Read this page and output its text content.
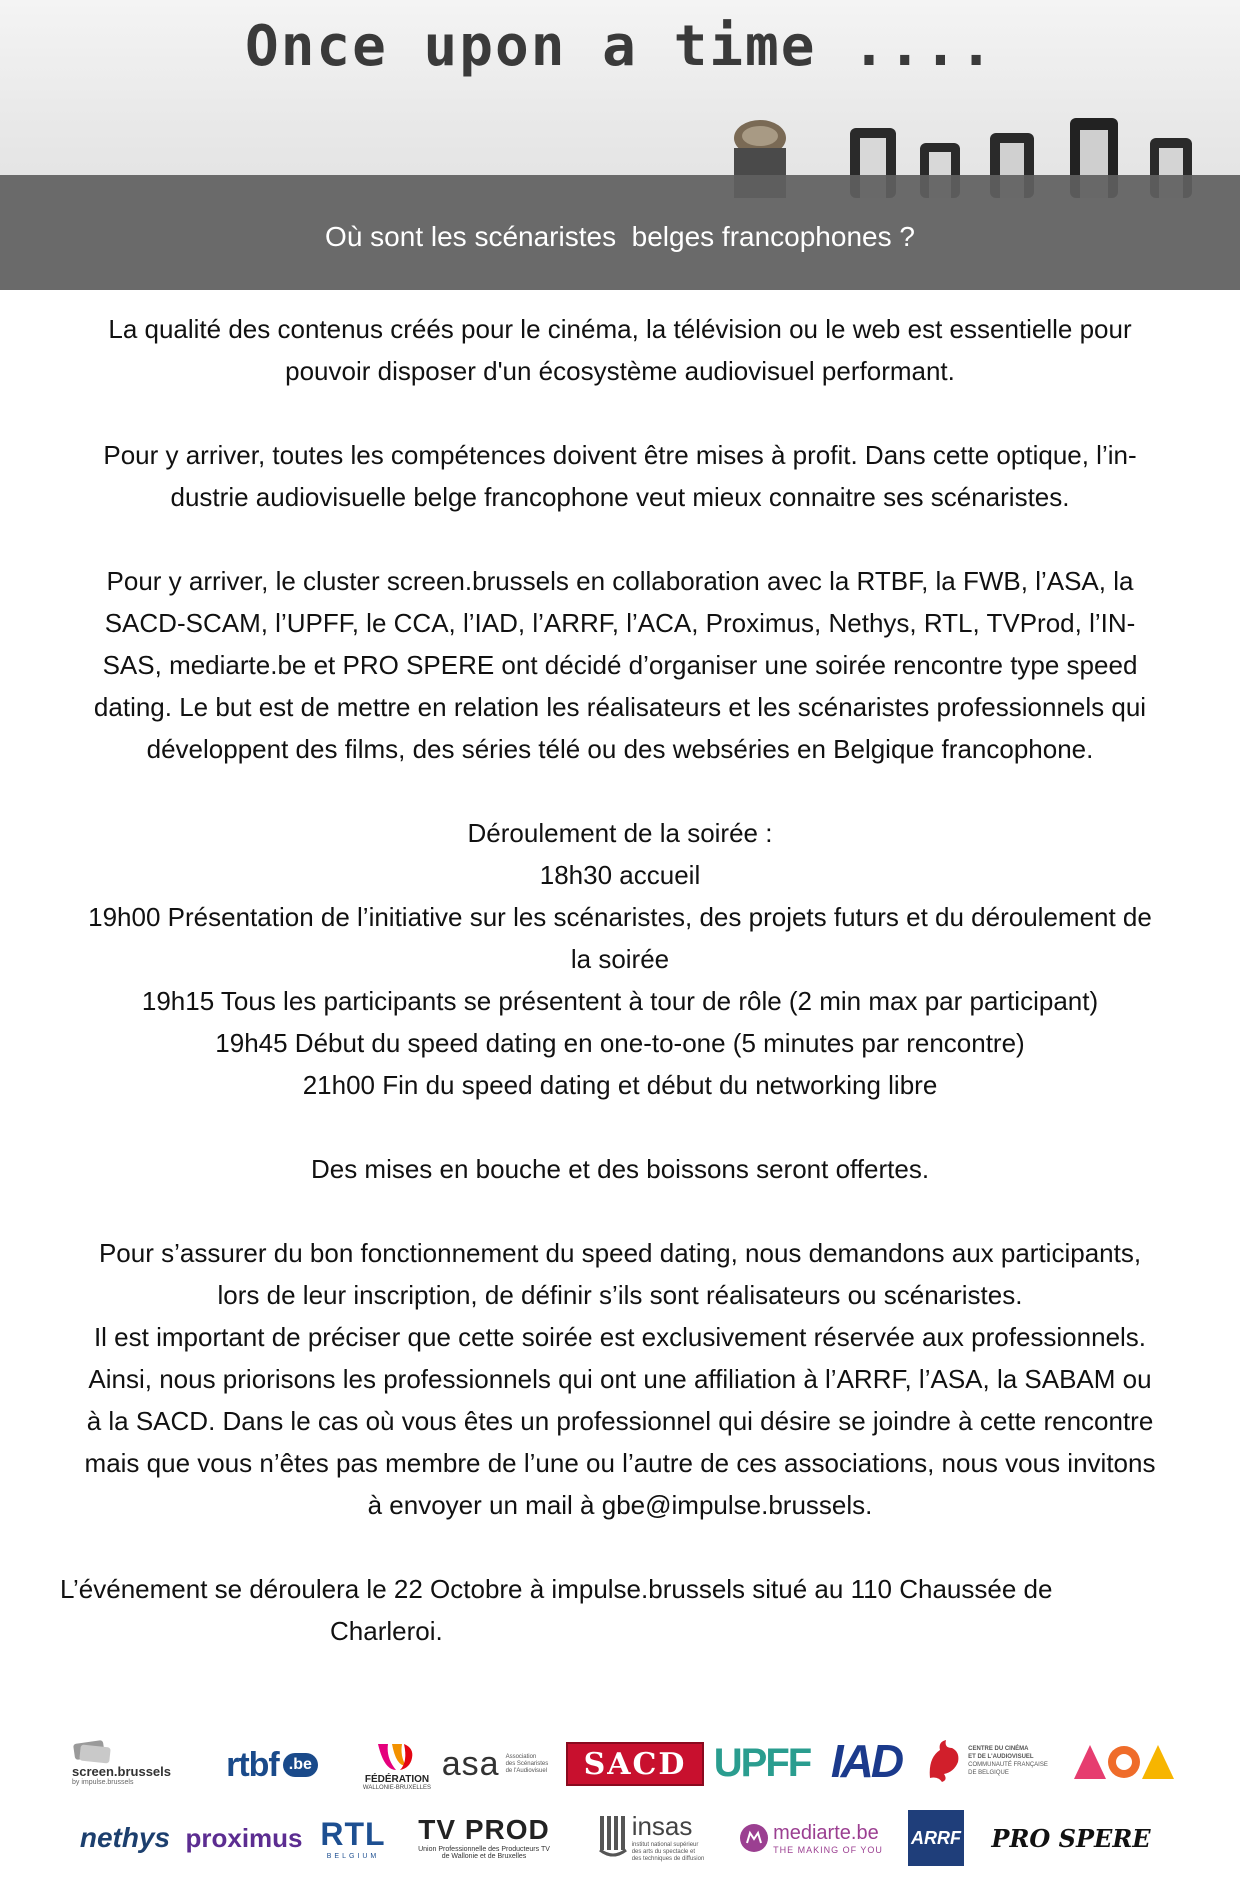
Once upon a time ....
Où sont les scénaristes  belges francophones ?

La qualité des contenus créés pour le cinéma, la télévision ou le web est essentielle pour
pouvoir disposer d'un écosystème audiovisuel performant.

Pour y arriver, toutes les compétences doivent être mises à profit. Dans cette optique, l’in-
dustrie audiovisuelle belge francophone veut mieux connaitre ses scénaristes.

Pour y arriver, le cluster screen.brussels en collaboration avec la RTBF, la FWB, l’ASA, la
SACD-SCAM, l’UPFF, le CCA, l’IAD, l’ARRF, l’ACA, Proximus, Nethys, RTL, TVProd, l’IN-
SAS, mediarte.be et PRO SPERE ont décidé d’organiser une soirée rencontre type speed
dating. Le but est de mettre en relation les réalisateurs et les scénaristes professionnels qui
développent des films, des séries télé ou des webséries en Belgique francophone.

Déroulement de la soirée :
18h30 accueil
19h00 Présentation de l’initiative sur les scénaristes, des projets futurs et du déroulement de
la soirée
19h15 Tous les participants se présentent à tour de rôle (2 min max par participant)
19h45 Début du speed dating en one-to-one (5 minutes par rencontre)
21h00 Fin du speed dating et début du networking libre

Des mises en bouche et des boissons seront offertes.

Pour s’assurer du bon fonctionnement du speed dating, nous demandons aux participants,
lors de leur inscription, de définir s’ils sont réalisateurs ou scénaristes.
Il est important de préciser que cette soirée est exclusivement réservée aux professionnels.
Ainsi, nous priorisons les professionnels qui ont une affiliation à l’ARRF, l’ASA, la SABAM ou
à la SACD. Dans le cas où vous êtes un professionnel qui désire se joindre à cette rencontre
mais que vous n’êtes pas membre de l’une ou l’autre de ces associations, nous vous invitons
à envoyer un mail à gbe@impulse.brussels.

L’événement se déroulera le 22 Octobre à impulse.brussels situé au 110 Chaussée de
Charleroi.

screen.brussels
by impulse.brussels	rtbf .be
FÉDÉRATION
WALLONIE-BRUXELLES
asa Association
des Scénaristes
de l'Audiovisuel SACD UPFF IAD	CENTRE DU CINÉMA
ET DE L'AUDIOVISUEL
COMMUNAUTÉ FRANÇAISE
DE BELGIQUE
nethys proximus RTL
BELGIUM
TV PROD
Union Professionnelle des Producteurs TV
de Wallonie et de Bruxelles
insas
institut national supérieur
des arts du spectacle et
des techniques de diffusion
mediarte.be
THE MAKING OF YOU
ARRF PRO SPERE
